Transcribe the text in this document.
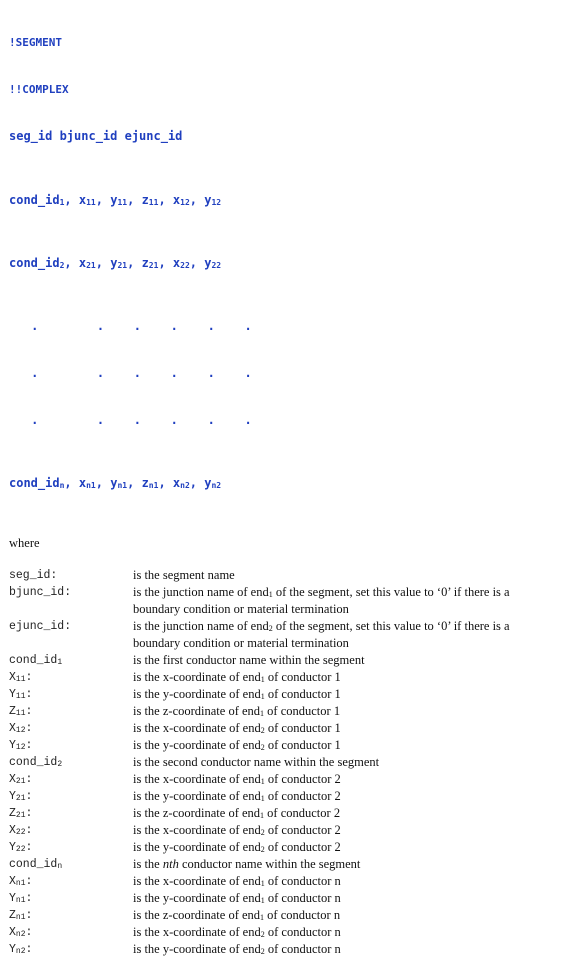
!SEGMENT

!!COMPLEX

seg_id bjunc_id ejunc_id

$cond\_id_1$, $x_{11}$, $y_{11}$, $z_{11}$, $x_{12}$, $y_{12}$

$cond\_id_2$, $x_{21}$, $y_{21}$, $z_{21}$, $x_{22}$, $y_{22}$

.	. . . . .

.	. . . . .

.	. . . . .

$cond\_id_n$, $x_{n1}$, $y_{n1}$, $z_{n1}$, $x_{n2}$, $y_{n2}$

where
seg_id:	is the segment name
bjunc_id:	is the junction name of end$_1$ of the segment, set this value to ‘0’ if there is a boundary condition or material termination
ejunc_id:	is the junction name of end$_2$ of the segment, set this value to ‘0’ if there is a boundary condition or material termination
$cond\_id_1$	is the first conductor name within the segment
$X_{11}$:	is the x-coordinate of end$_1$ of conductor 1
$Y_{11}$:	is the y-coordinate of end$_1$ of conductor 1
$Z_{11}$:	is the z-coordinate of end$_1$ of conductor 1
$X_{12}$:	is the x-coordinate of end$_2$ of conductor 1
$Y_{12}$:	is the y-coordinate of end$_2$ of conductor 1
$cond\_id_2$	is the second conductor name within the segment
$X_{21}$:	is the x-coordinate of end$_1$ of conductor 2
$Y_{21}$:	is the y-coordinate of end$_1$ of conductor 2
$Z_{21}$:	is the z-coordinate of end$_1$ of conductor 2
$X_{22}$:	is the x-coordinate of end$_2$ of conductor 2
$Y_{22}$:	is the y-coordinate of end$_2$ of conductor 2
$cond\_id_n$	is the nth conductor name within the segment
$X_{n1}$:	is the x-coordinate of end$_1$ of conductor n
$Y_{n1}$:	is the y-coordinate of end$_1$ of conductor n
$Z_{n1}$:	is the z-coordinate of end$_1$ of conductor n
$X_{n2}$:	is the x-coordinate of end$_2$ of conductor n
$Y_{n2}$:	is the y-coordinate of end$_2$ of conductor n
